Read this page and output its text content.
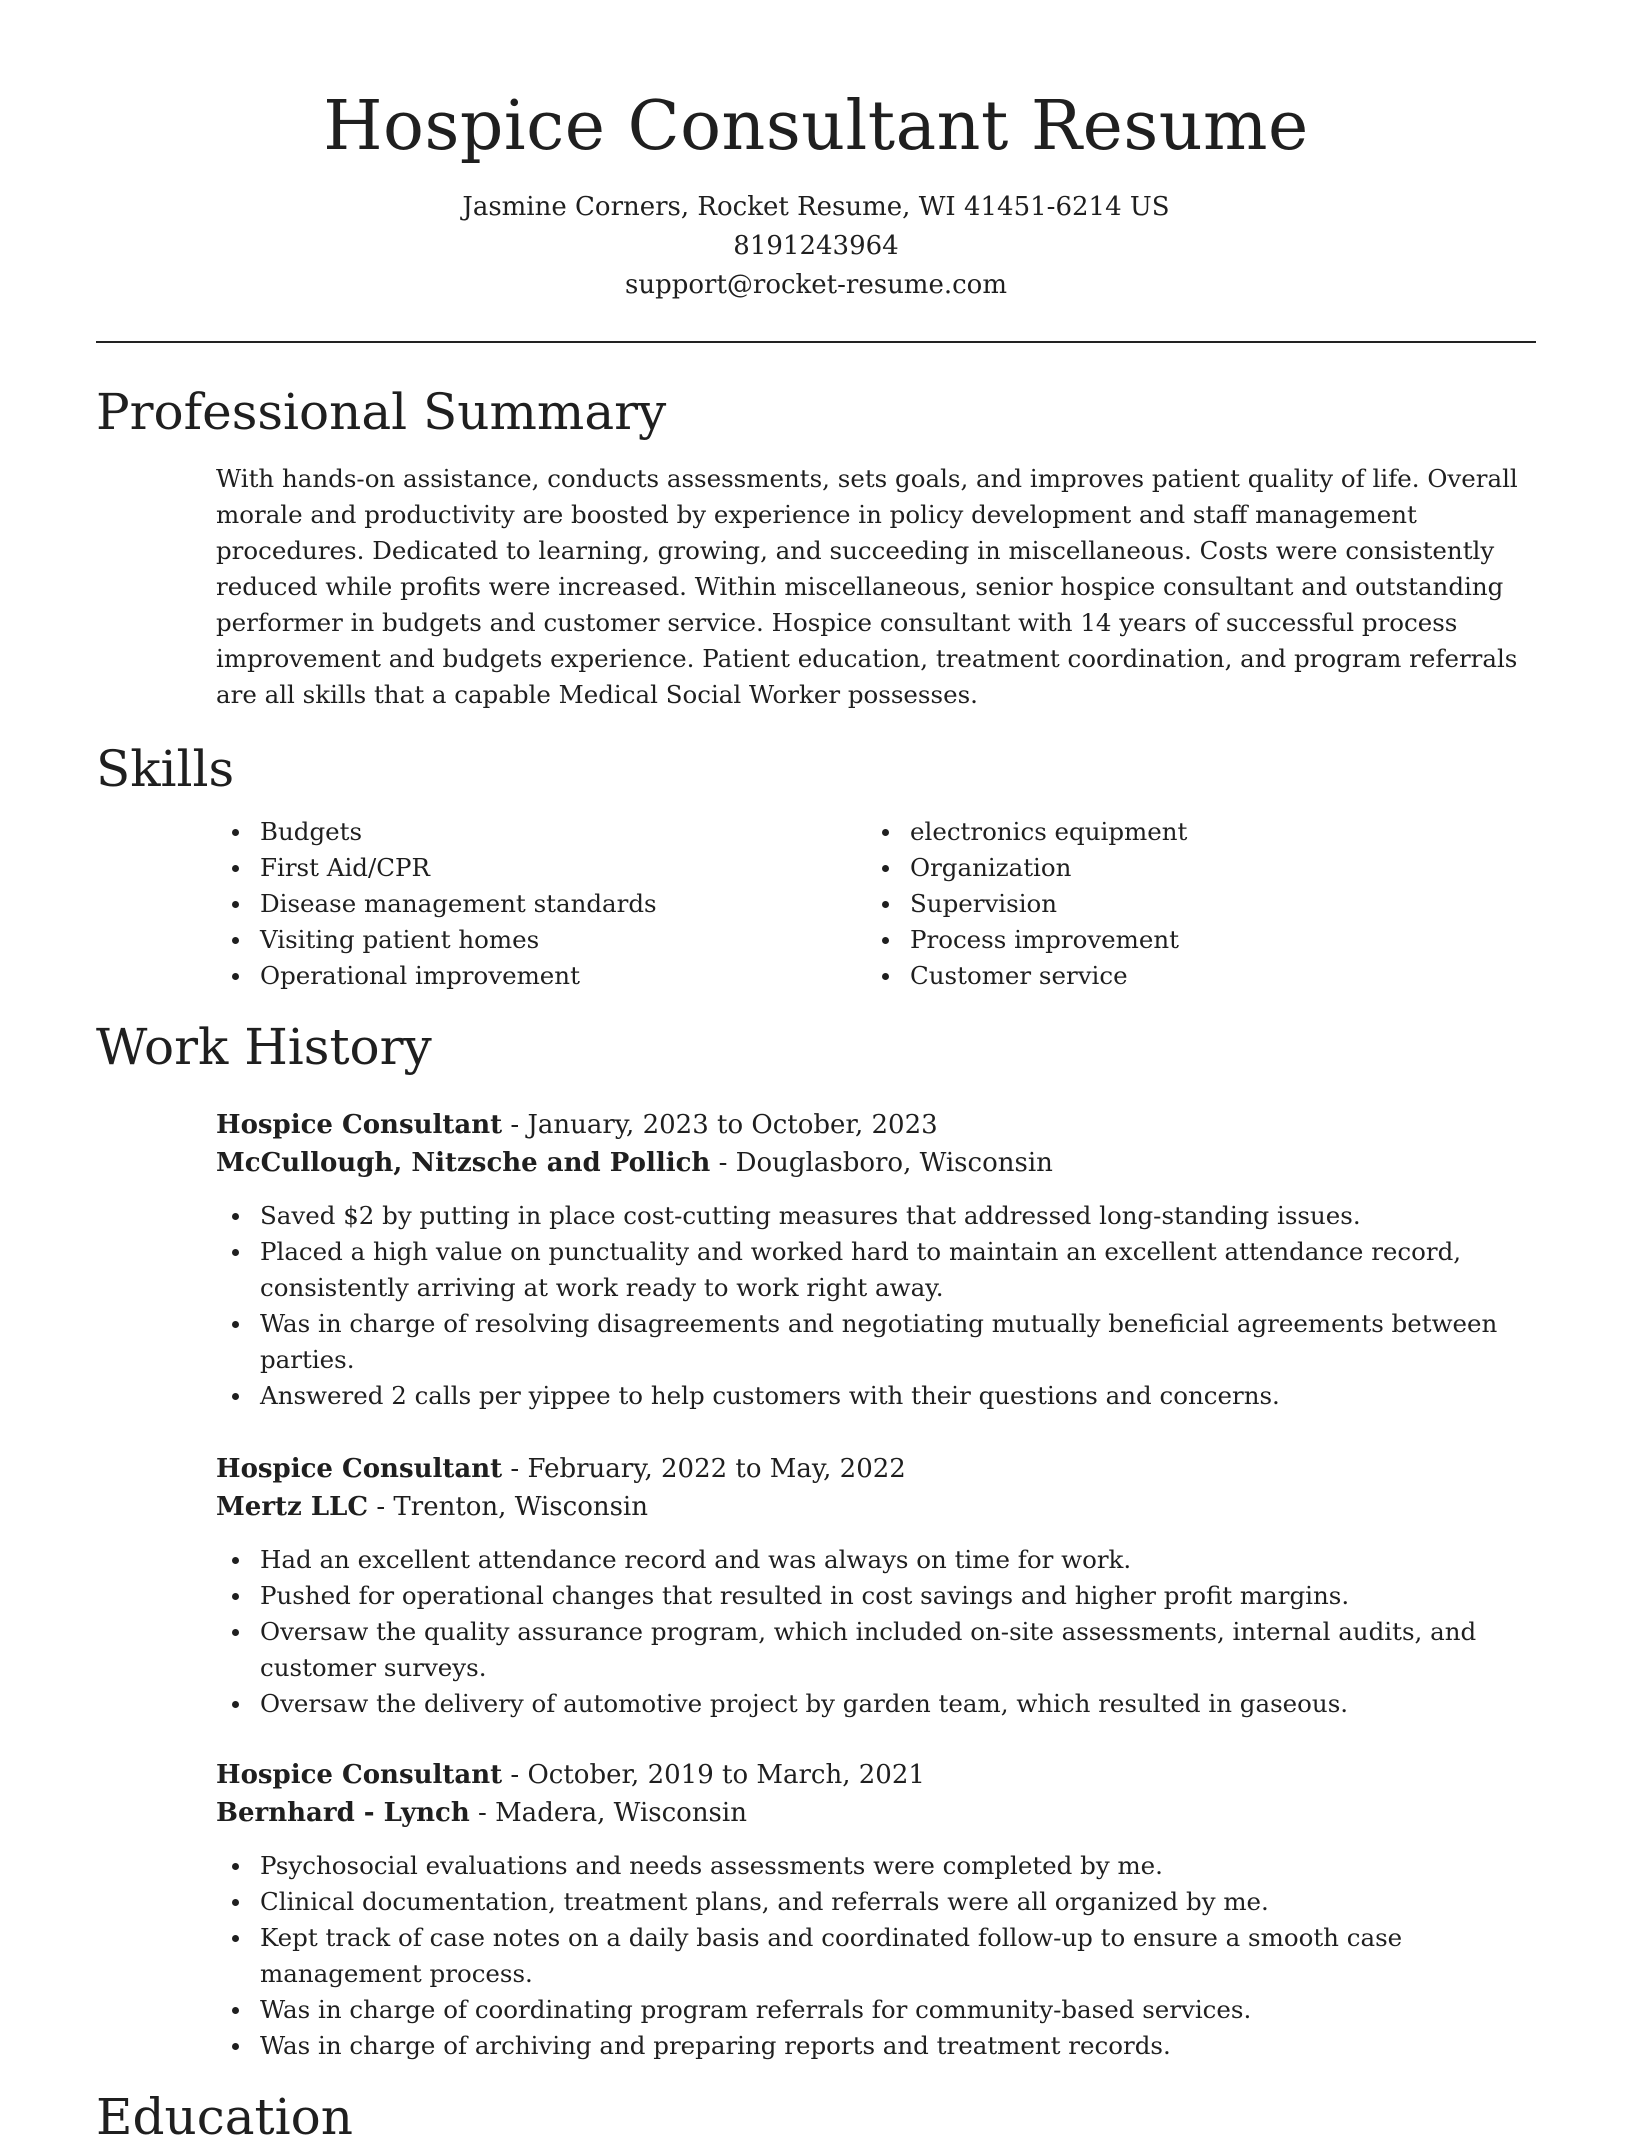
Hospice Consultant Resume
Jasmine Corners, Rocket Resume, WI 41451-6214 US
8191243964
support@rocket-resume.com
Professional Summary

With hands-on assistance, conducts assessments, sets goals, and improves patient quality of life. Overall morale and productivity are boosted by experience in policy development and staff management procedures. Dedicated to learning, growing, and succeeding in miscellaneous. Costs were consistently reduced while profits were increased. Within miscellaneous, senior hospice consultant and outstanding performer in budgets and customer service. Hospice consultant with 14 years of successful process improvement and budgets experience. Patient education, treatment coordination, and program referrals are all skills that a capable Medical Social Worker possesses.

Skills
Budgets
First Aid/CPR
Disease management standards
Visiting patient homes
Operational improvement
electronics equipment
Organization
Supervision
Process improvement
Customer service
Work History
Hospice Consultant - January, 2023 to October, 2023
McCullough, Nitzsche and Pollich - Douglasboro, Wisconsin
Saved $2 by putting in place cost-cutting measures that addressed long-standing issues.
Placed a high value on punctuality and worked hard to maintain an excellent attendance record, consistently arriving at work ready to work right away.
Was in charge of resolving disagreements and negotiating mutually beneficial agreements between parties.
Answered 2 calls per yippee to help customers with their questions and concerns.
Hospice Consultant - February, 2022 to May, 2022
Mertz LLC - Trenton, Wisconsin
Had an excellent attendance record and was always on time for work.
Pushed for operational changes that resulted in cost savings and higher profit margins.
Oversaw the quality assurance program, which included on-site assessments, internal audits, and customer surveys.
Oversaw the delivery of automotive project by garden team, which resulted in gaseous.
Hospice Consultant - October, 2019 to March, 2021
Bernhard - Lynch - Madera, Wisconsin
Psychosocial evaluations and needs assessments were completed by me.
Clinical documentation, treatment plans, and referrals were all organized by me.
Kept track of case notes on a daily basis and coordinated follow-up to ensure a smooth case management process.
Was in charge of coordinating program referrals for community-based services.
Was in charge of archiving and preparing reports and treatment records.
Education
